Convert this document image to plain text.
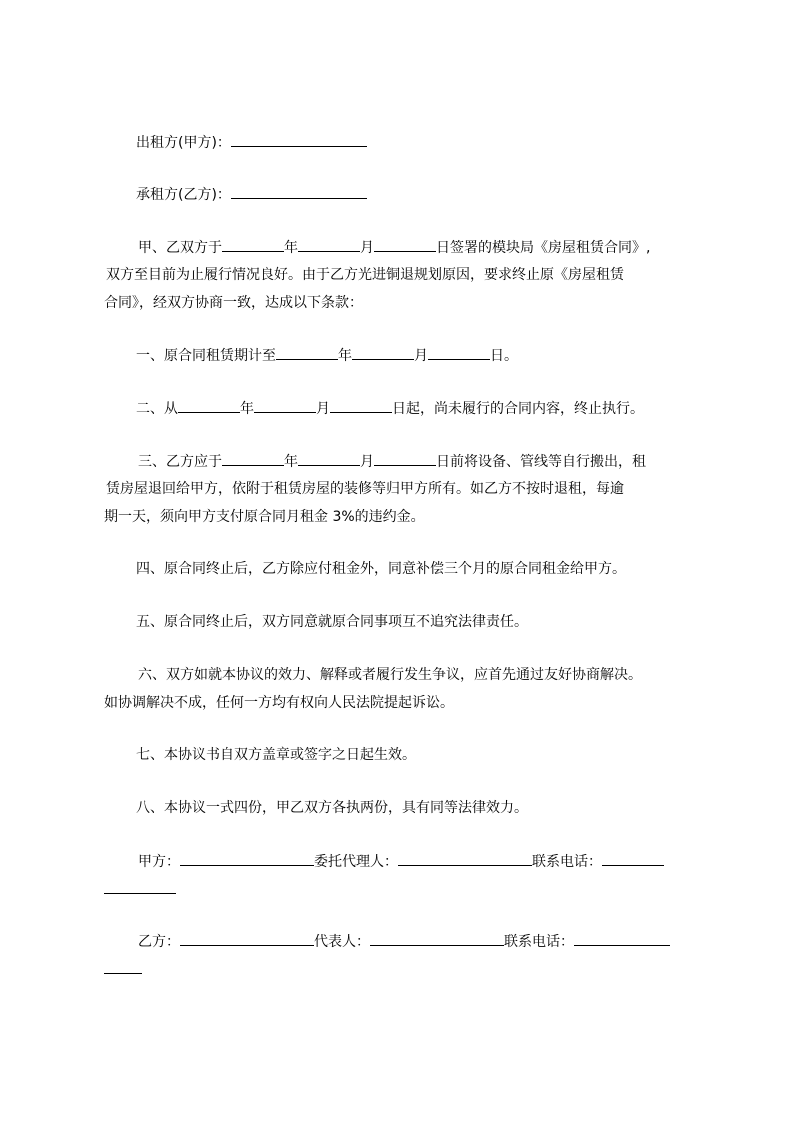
出租方(甲方)：
承租方(乙方)：
甲、乙双方于	年	月	日签署的模块局《房屋租赁合同》,
双方至目前为止履行情况良好。由于乙方光进铜退规划原因，要求终止原《房屋租赁
合同》，经双方协商一致，达成以下条款：
一、原合同租赁期计至	年	月	日。
二、从	年	月	日起，尚未履行的合同内容，终止执行。
三、乙方应于	年	月	日前将设备、管线等自行搬出，租
赁房屋退回给甲方，依附于租赁房屋的装修等归甲方所有。如乙方不按时退租，每逾
期一天，须向甲方支付原合同月租金 3%的违约金。
四、原合同终止后，乙方除应付租金外，同意补偿三个月的原合同租金给甲方。
五、原合同终止后，双方同意就原合同事项互不追究法律责任。
六、双方如就本协议的效力、解释或者履行发生争议，应首先通过友好协商解决。
如协调解决不成，任何一方均有权向人民法院提起诉讼。
七、本协议书自双方盖章或签字之日起生效。
八、本协议一式四份，甲乙双方各执两份，具有同等法律效力。
甲方：	委托代理人：	联系电话：
乙方：	代表人：	联系电话：
